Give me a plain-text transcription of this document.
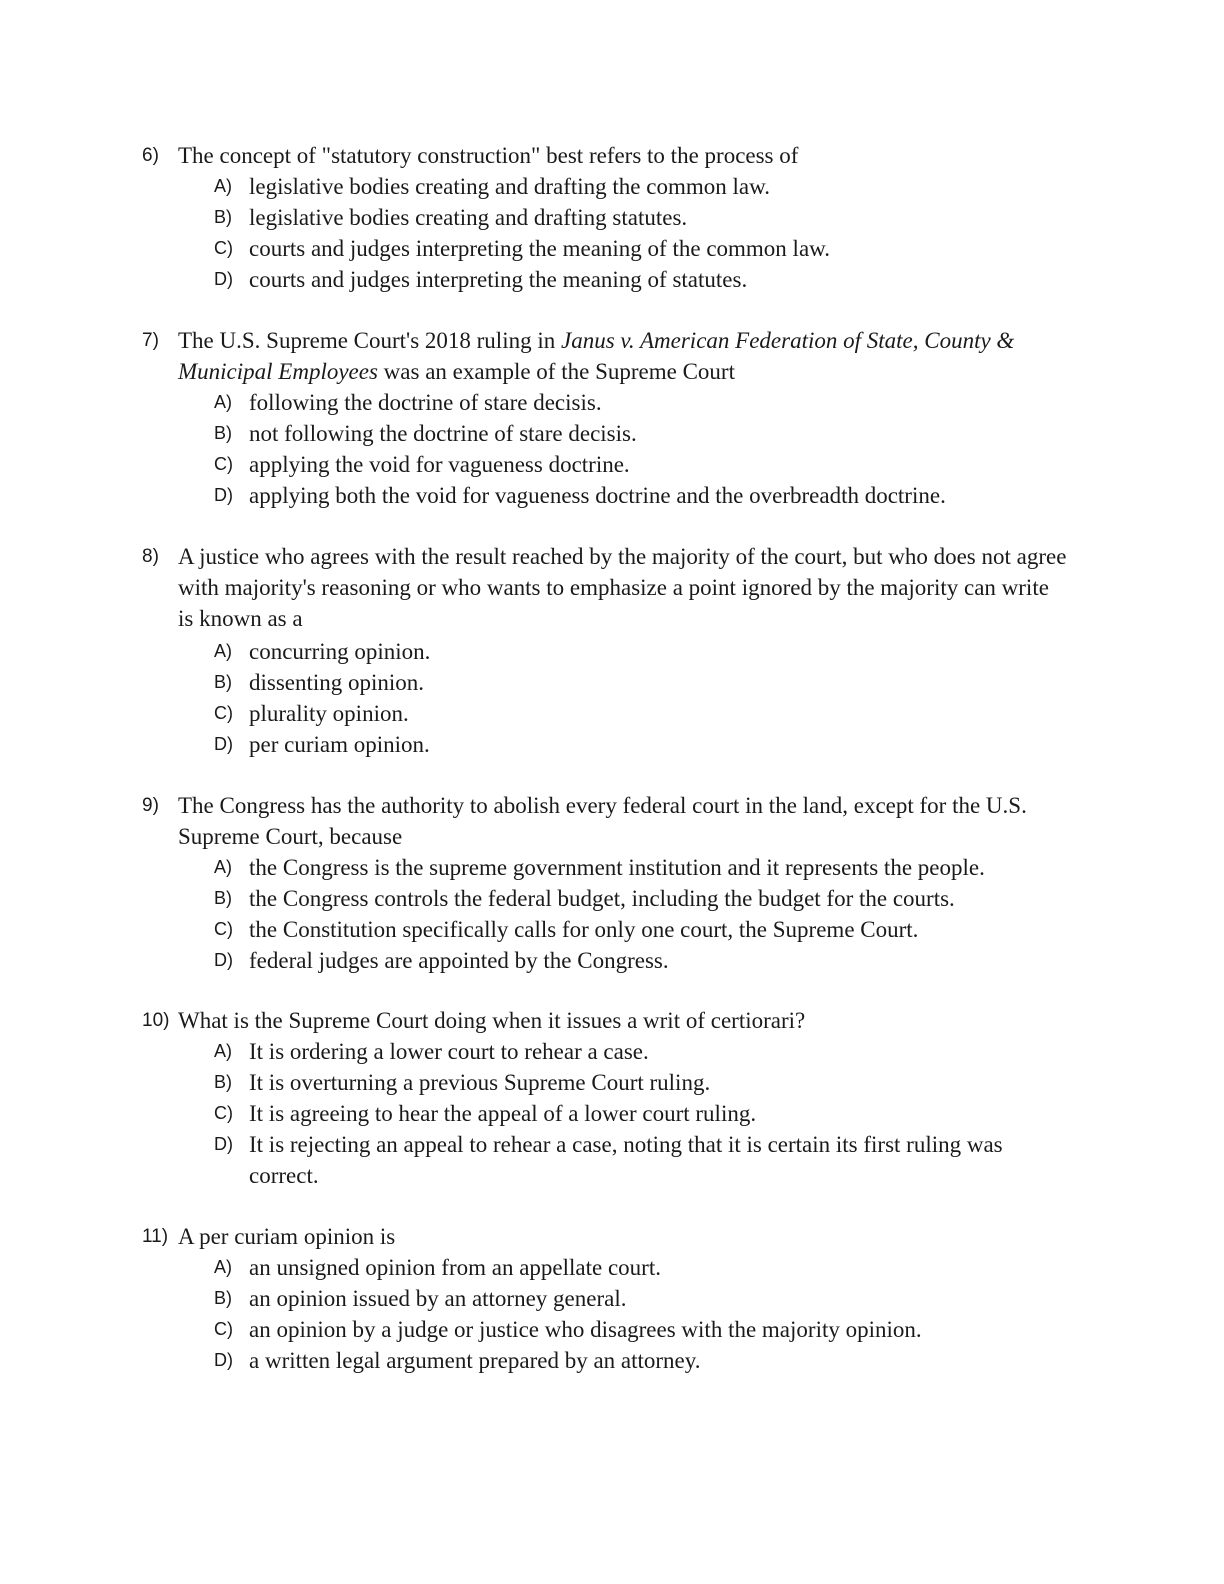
6) The concept of "statutory construction" best refers to the process of
A) legislative bodies creating and drafting the common law.
B) legislative bodies creating and drafting statutes.
C) courts and judges interpreting the meaning of the common law.
D) courts and judges interpreting the meaning of statutes.
7) The U.S. Supreme Court's 2018 ruling in Janus v. American Federation of State, County & Municipal Employees was an example of the Supreme Court
A) following the doctrine of stare decisis.
B) not following the doctrine of stare decisis.
C) applying the void for vagueness doctrine.
D) applying both the void for vagueness doctrine and the overbreadth doctrine.
8) A justice who agrees with the result reached by the majority of the court, but who does not agree with majority's reasoning or who wants to emphasize a point ignored by the majority can write is known as a
A) concurring opinion.
B) dissenting opinion.
C) plurality opinion.
D) per curiam opinion.
9) The Congress has the authority to abolish every federal court in the land, except for the U.S. Supreme Court, because
A) the Congress is the supreme government institution and it represents the people.
B) the Congress controls the federal budget, including the budget for the courts.
C) the Constitution specifically calls for only one court, the Supreme Court.
D) federal judges are appointed by the Congress.
10) What is the Supreme Court doing when it issues a writ of certiorari?
A) It is ordering a lower court to rehear a case.
B) It is overturning a previous Supreme Court ruling.
C) It is agreeing to hear the appeal of a lower court ruling.
D) It is rejecting an appeal to rehear a case, noting that it is certain its first ruling was correct.
11) A per curiam opinion is
A) an unsigned opinion from an appellate court.
B) an opinion issued by an attorney general.
C) an opinion by a judge or justice who disagrees with the majority opinion.
D) a written legal argument prepared by an attorney.
